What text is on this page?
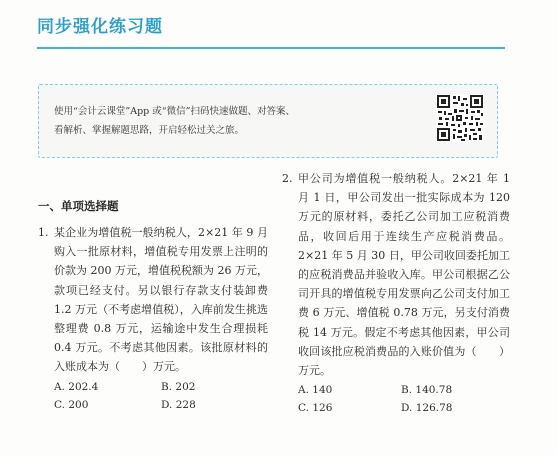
同步强化练习题
使用“会计云课堂”App 或“微信”扫码快速做题、对答案、
看解析、掌握解题思路，开启轻松过关之旅。
一、单项选择题
1. 某企业为增值税一般纳税人，2×21 年 9 月购入一批原材料，增值税专用发票上注明的价款为 200 万元，增值税税额为 26 万元，款项已经支付。另以银行存款支付装卸费 1.2 万元（不考虑增值税），入库前发生挑选整理费 0.8 万元，运输途中发生合理损耗 0.4 万元。不考虑其他因素。该批原材料的入账成本为（　　）万元。
A. 202.4	B. 202
C. 200	D. 228
2. 甲公司为增值税一般纳税人。2×21 年 1 月 1 日，甲公司发出一批实际成本为 120 万元的原材料，委托乙公司加工应税消费品，收回后用于连续生产应税消费品。2×21 年 5 月 30 日，甲公司收回委托加工的应税消费品并验收入库。甲公司根据乙公司开具的增值税专用发票向乙公司支付加工费 6 万元、增值税 0.78 万元，另支付消费税 14 万元。假定不考虑其他因素，甲公司收回该批应税消费品的入账价值为（　　）万元。
A. 140	B. 140.78
C. 126	D. 126.78
